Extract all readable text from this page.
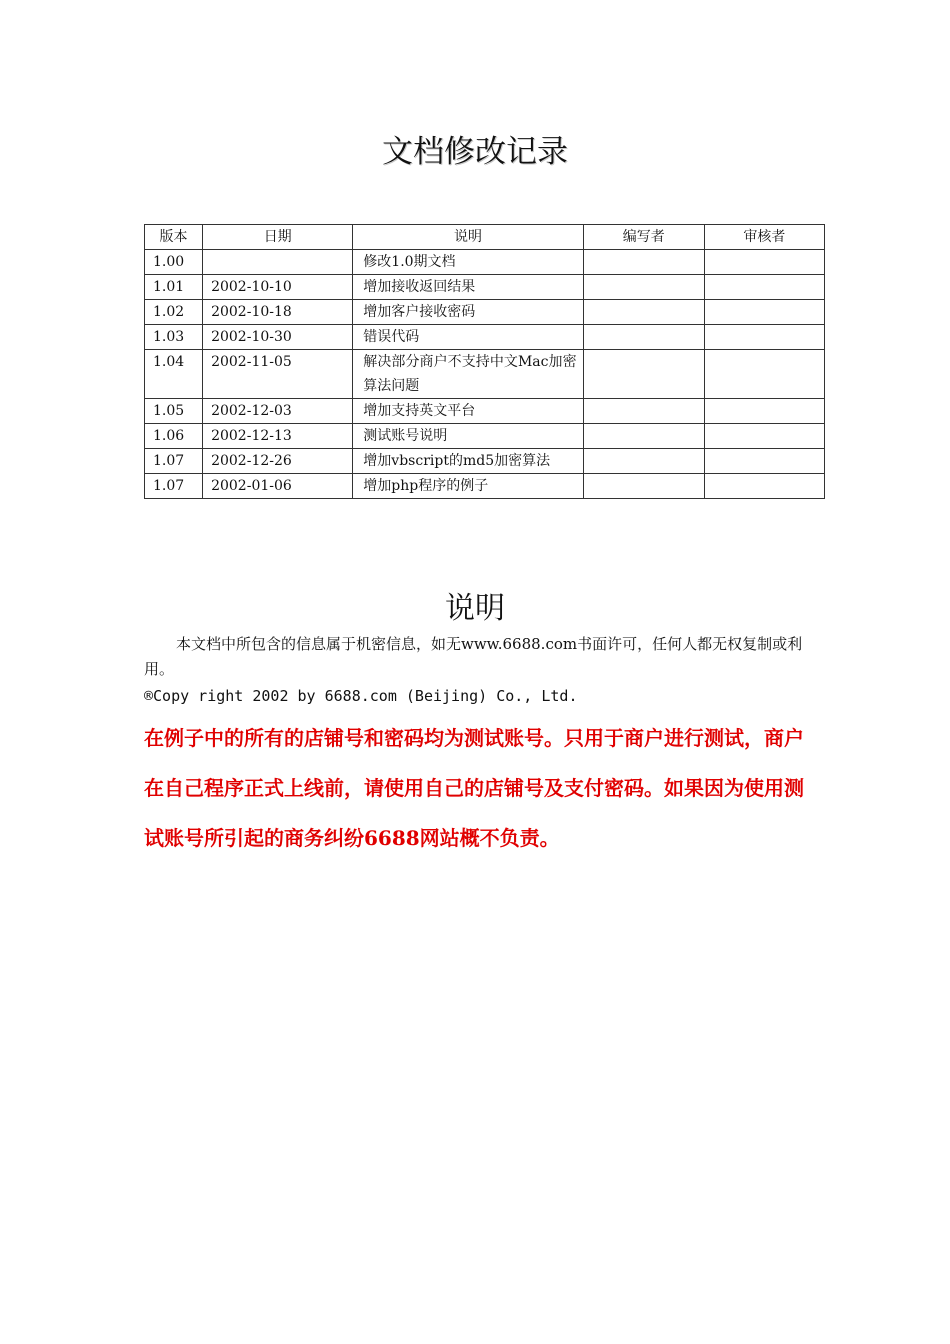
文档修改记录
版本	日期	说明	编写者	审核者
1.00		修改1.0期文档		
1.01	2002-10-10	增加接收返回结果		
1.02	2002-10-18	增加客户接收密码		
1.03	2002-10-30	错误代码		
1.04	2002-11-05	解决部分商户不支持中文Mac加密算法问题		
1.05	2002-12-03	增加支持英文平台		
1.06	2002-12-13	测试账号说明		
1.07	2002-12-26	增加vbscript的md5加密算法		
1.07	2002-01-06	增加php程序的例子		
说明

本文档中所包含的信息属于机密信息，如无www.6688.com书面许可，任何人都无权复制或利用。

®Copy right 2002 by 6688.com (Beijing) Co., Ltd.

在例子中的所有的店铺号和密码均为测试账号。只用于商户进行测试，商户在自己程序正式上线前，请使用自己的店铺号及支付密码。如果因为使用测试账号所引起的商务纠纷6688网站概不负责。
